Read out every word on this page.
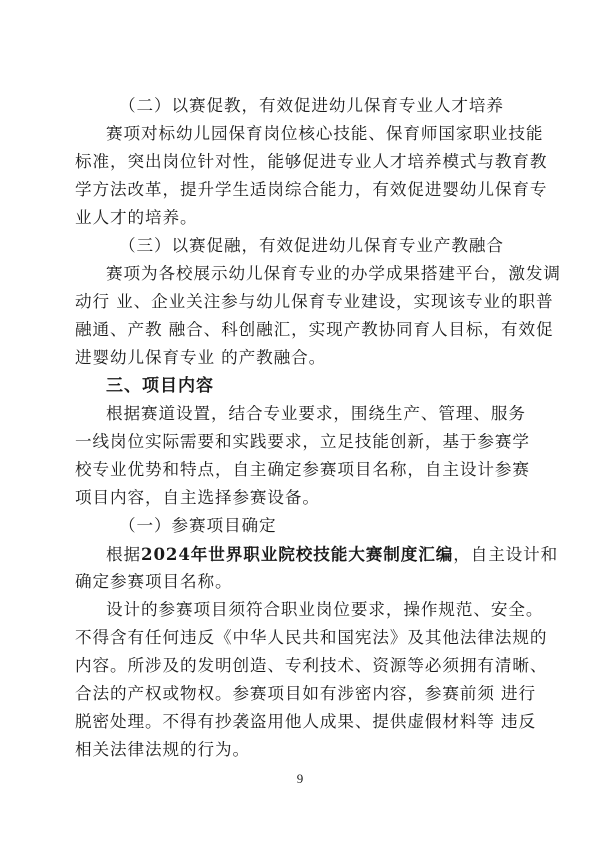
（二）以赛促教，有效促进幼儿保育专业人才培养
赛项对标幼儿园保育岗位核心技能、保育师国家职业技能
标准，突出岗位针对性，能够促进专业人才培养模式与教育教
学方法改革，提升学生适岗综合能力，有效促进婴幼儿保育专
业人才的培养。
（三）以赛促融，有效促进幼儿保育专业产教融合
赛项为各校展示幼儿保育专业的办学成果搭建平台，激发调
动行 业、企业关注参与幼儿保育专业建设，实现该专业的职普
融通、产教 融合、科创融汇，实现产教协同育人目标，有效促
进婴幼儿保育专业 的产教融合。
三、项目内容
根据赛道设置，结合专业要求，围绕生产、管理、服务
一线岗位实际需要和实践要求，立足技能创新，基于参赛学
校专业优势和特点，自主确定参赛项目名称，自主设计参赛
项目内容，自主选择参赛设备。
（一）参赛项目确定
根据2024年世界职业院校技能大赛制度汇编，自主设计和
确定参赛项目名称。
设计的参赛项目须符合职业岗位要求，操作规范、安全。
不得含有任何违反《中华人民共和国宪法》及其他法律法规的
内容。所涉及的发明创造、专利技术、资源等必须拥有清晰、
合法的产权或物权。参赛项目如有涉密内容，参赛前须 进行
脱密处理。不得有抄袭盗用他人成果、提供虚假材料等 违反
相关法律法规的行为。
9
